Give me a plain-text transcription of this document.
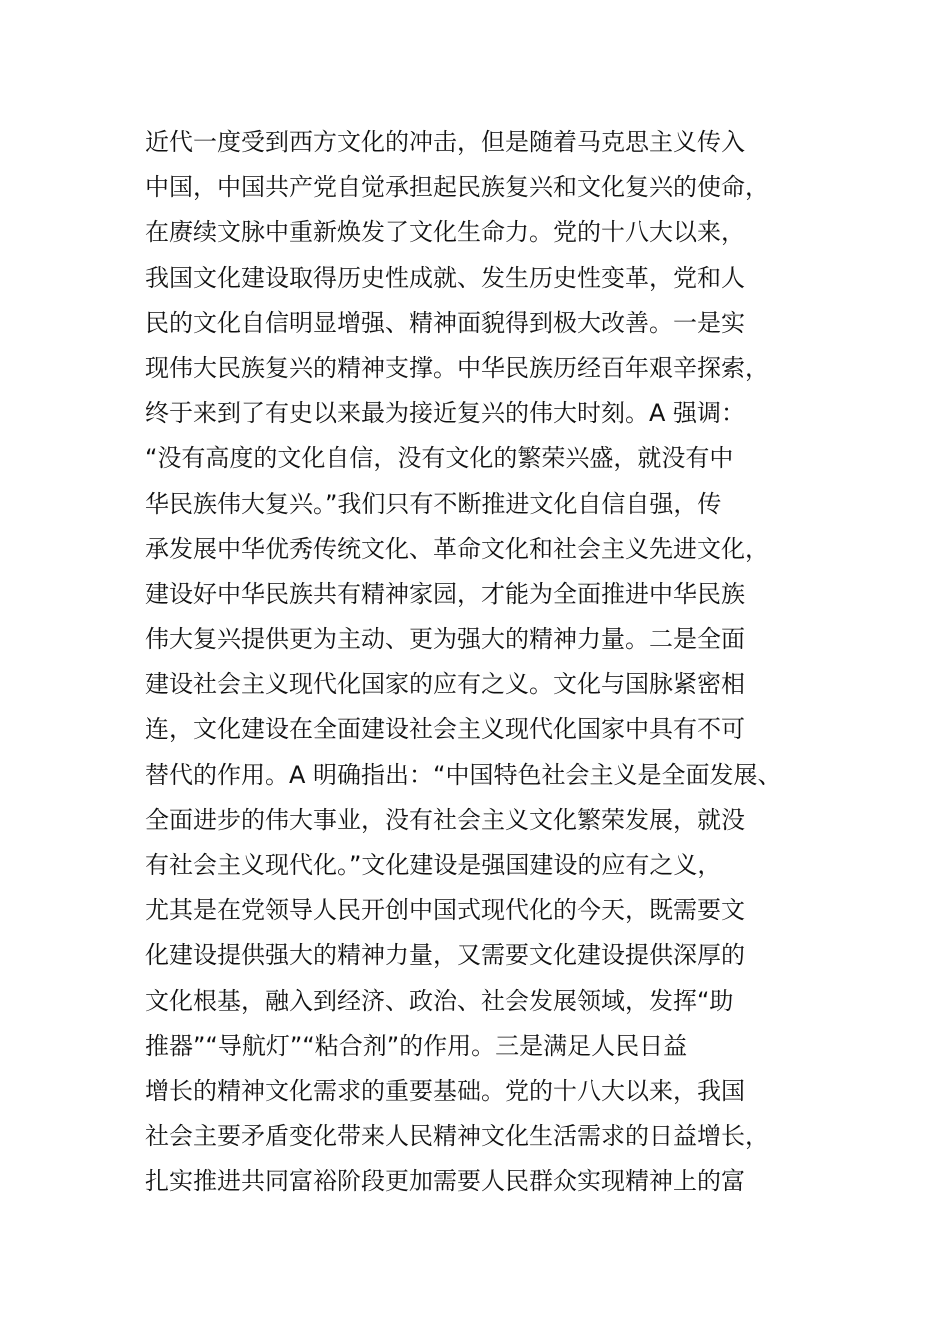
近代一度受到西方文化的冲击，但是随着马克思主义传入
中国，中国共产党自觉承担起民族复兴和文化复兴的使命，
在赓续文脉中重新焕发了文化生命力。党的十八大以来，
我国文化建设取得历史性成就、发生历史性变革，党和人
民的文化自信明显增强、精神面貌得到极大改善。一是实
现伟大民族复兴的精神支撑。中华民族历经百年艰辛探索，
终于来到了有史以来最为接近复兴的伟大时刻。A 强调：
“没有高度的文化自信，没有文化的繁荣兴盛，就没有中
华民族伟大复兴。”我们只有不断推进文化自信自强，传
承发展中华优秀传统文化、革命文化和社会主义先进文化，
建设好中华民族共有精神家园，才能为全面推进中华民族
伟大复兴提供更为主动、更为强大的精神力量。二是全面
建设社会主义现代化国家的应有之义。文化与国脉紧密相
连，文化建设在全面建设社会主义现代化国家中具有不可
替代的作用。A 明确指出：“中国特色社会主义是全面发展、
全面进步的伟大事业，没有社会主义文化繁荣发展，就没
有社会主义现代化。”文化建设是强国建设的应有之义，
尤其是在党领导人民开创中国式现代化的今天，既需要文
化建设提供强大的精神力量，又需要文化建设提供深厚的
文化根基，融入到经济、政治、社会发展领域，发挥“助
推器”“导航灯”“粘合剂”的作用。三是满足人民日益
增长的精神文化需求的重要基础。党的十八大以来，我国
社会主要矛盾变化带来人民精神文化生活需求的日益增长，
扎实推进共同富裕阶段更加需要人民群众实现精神上的富
